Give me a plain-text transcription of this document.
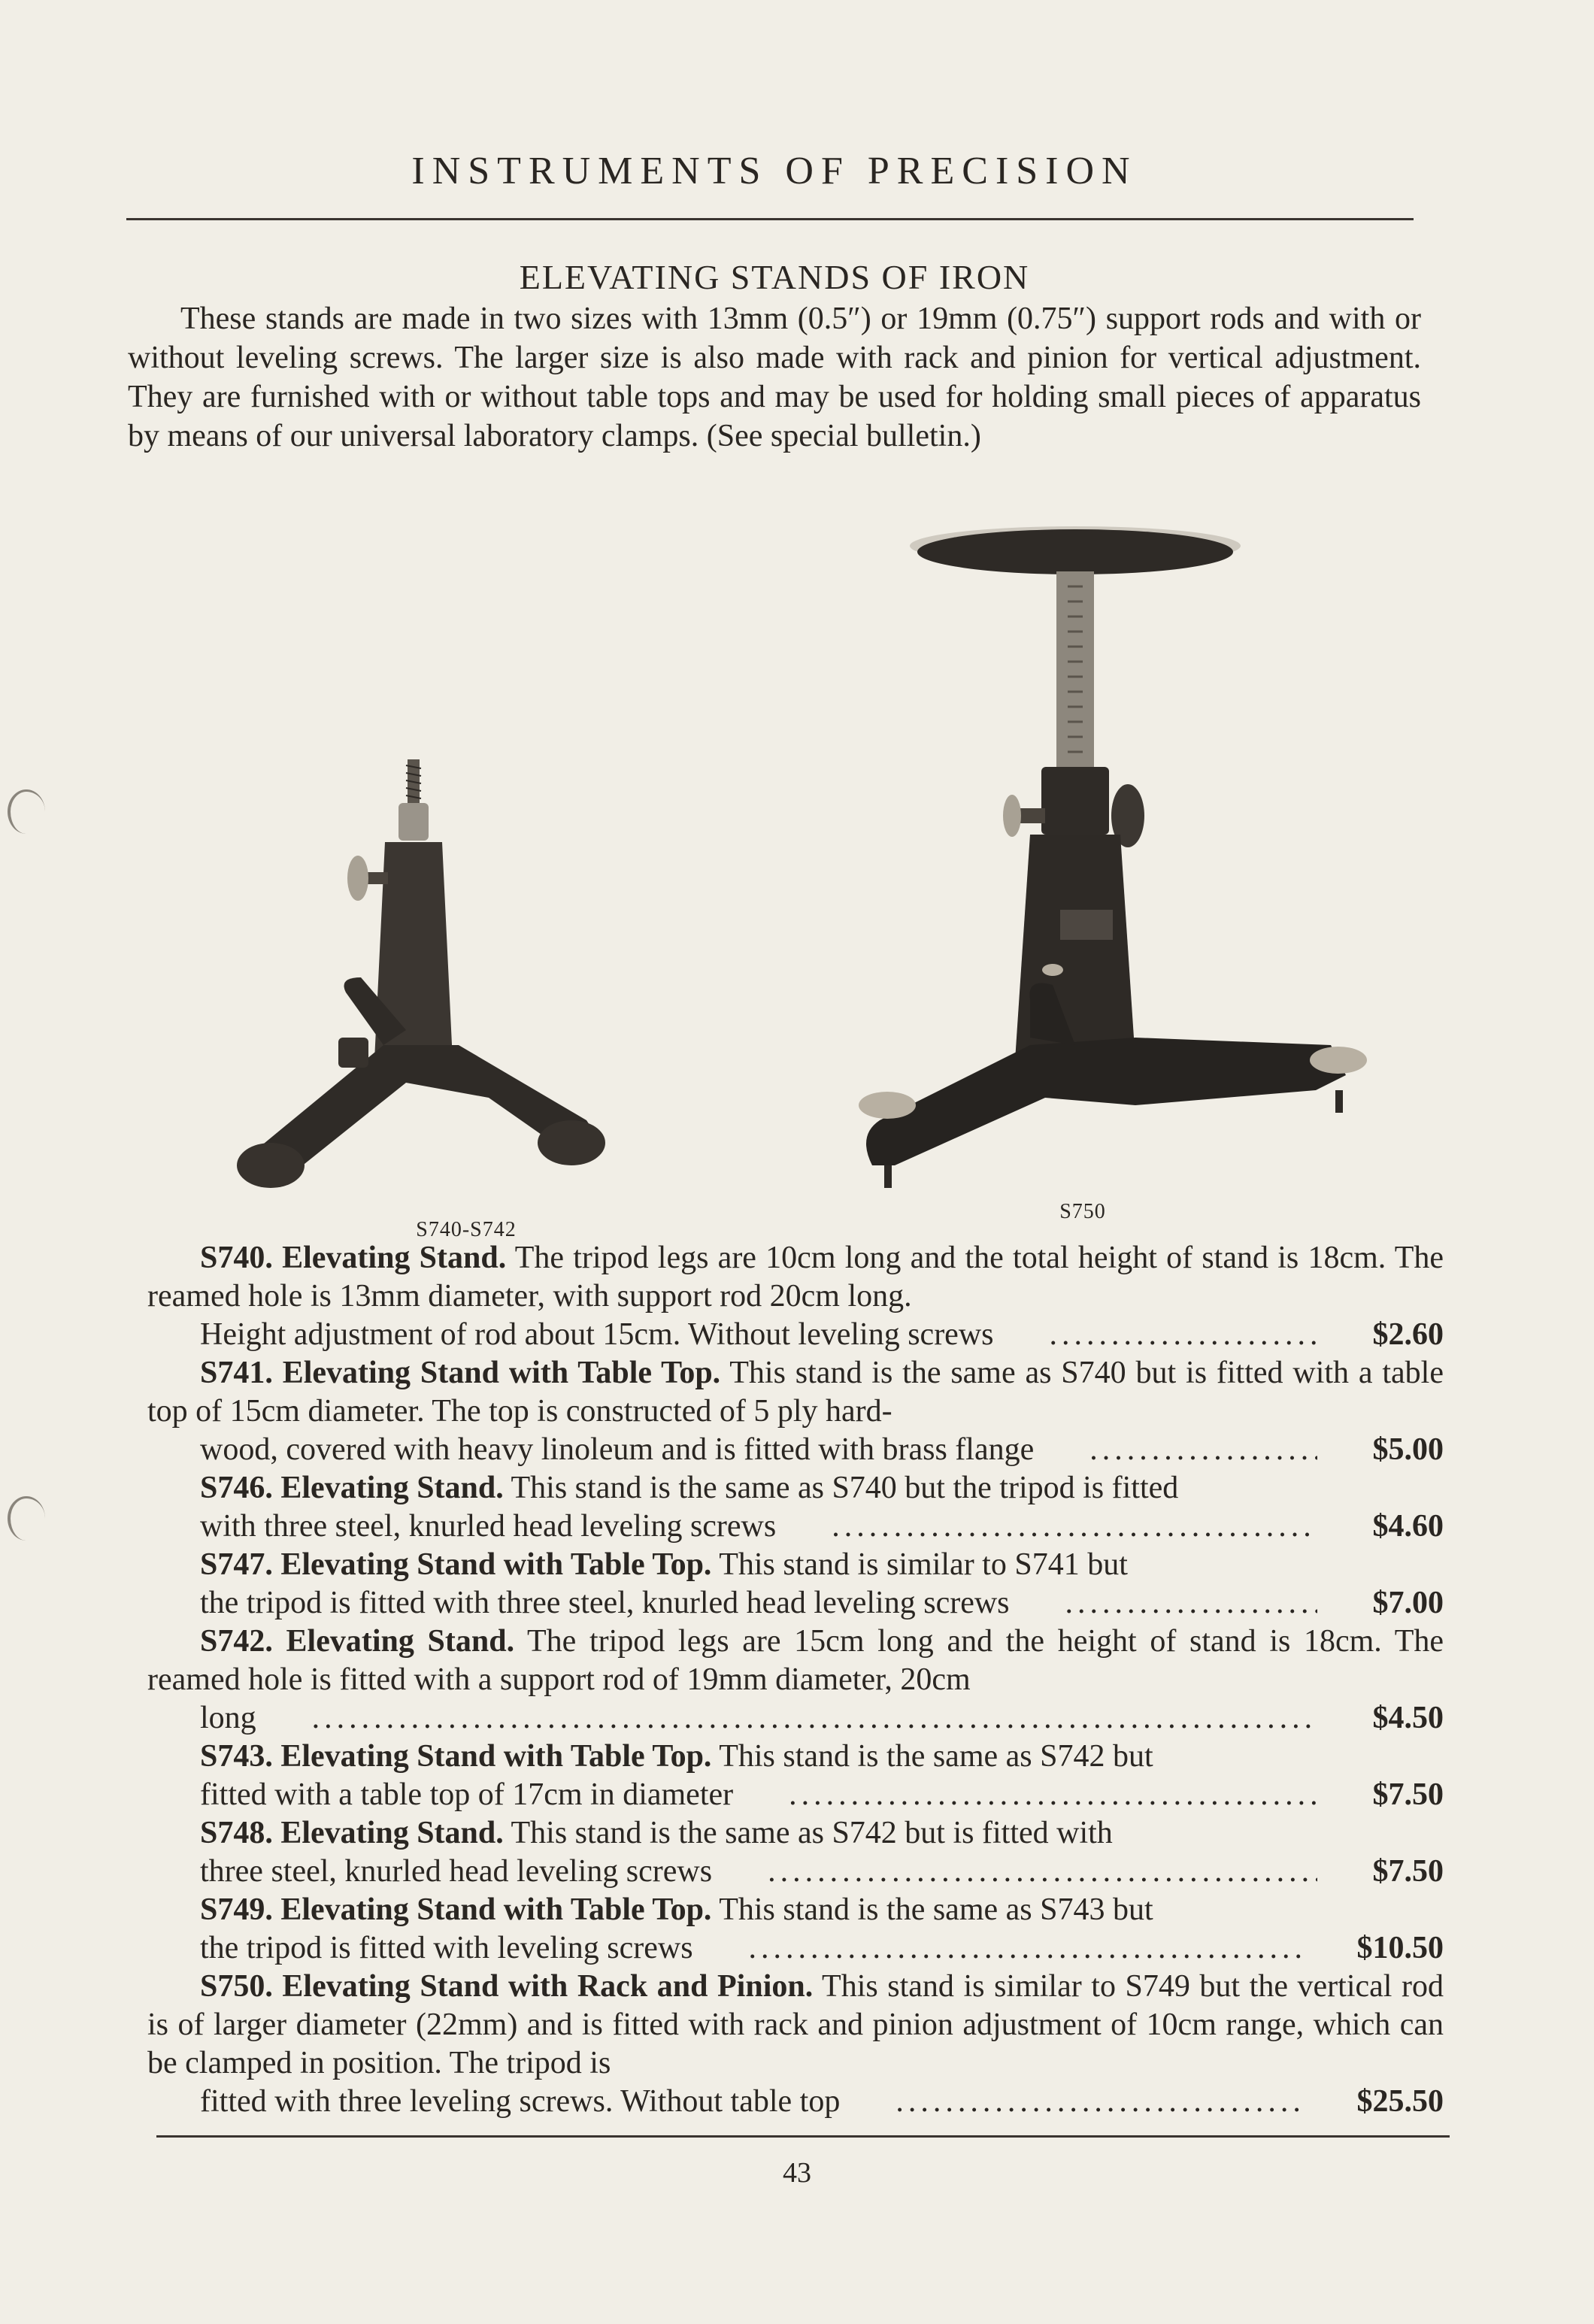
INSTRUMENTS OF PRECISION
ELEVATING STANDS OF IRON
These stands are made in two sizes with 13mm (0.5″) or 19mm (0.75″) support rods and with or without leveling screws. The larger size is also made with rack and pinion for vertical adjustment. They are furnished with or without table tops and may be used for holding small pieces of apparatus by means of our universal laboratory clamps. (See special bulletin.)
S740-S742
S750
S740. Elevating Stand. The tripod legs are 10cm long and the total height of stand is 18cm. The reamed hole is 13mm diameter, with support rod 20cm long.
Height adjustment of rod about 15cm. Without leveling screws .....	$2.60
S741. Elevating Stand with Table Top. This stand is the same as S740 but is fitted with a table top of 15cm diameter. The top is constructed of 5 ply hard-
wood, covered with heavy linoleum and is fitted with brass flange .....	$5.00
S746. Elevating Stand. This stand is the same as S740 but the tripod is fitted
with three steel, knurled head leveling screws .....	$4.60
S747. Elevating Stand with Table Top. This stand is similar to S741 but
the tripod is fitted with three steel, knurled head leveling screws .....	$7.00
S742. Elevating Stand. The tripod legs are 15cm long and the height of stand is 18cm. The reamed hole is fitted with a support rod of 19mm diameter, 20cm
long .....	$4.50
S743. Elevating Stand with Table Top. This stand is the same as S742 but
fitted with a table top of 17cm in diameter .....	$7.50
S748. Elevating Stand. This stand is the same as S742 but is fitted with
three steel, knurled head leveling screws .....	$7.50
S749. Elevating Stand with Table Top. This stand is the same as S743 but
the tripod is fitted with leveling screws .....	$10.50
S750. Elevating Stand with Rack and Pinion. This stand is similar to S749 but the vertical rod is of larger diameter (22mm) and is fitted with rack and pinion adjustment of 10cm range, which can be clamped in position. The tripod is
fitted with three leveling screws. Without table top .....	$25.50
43
